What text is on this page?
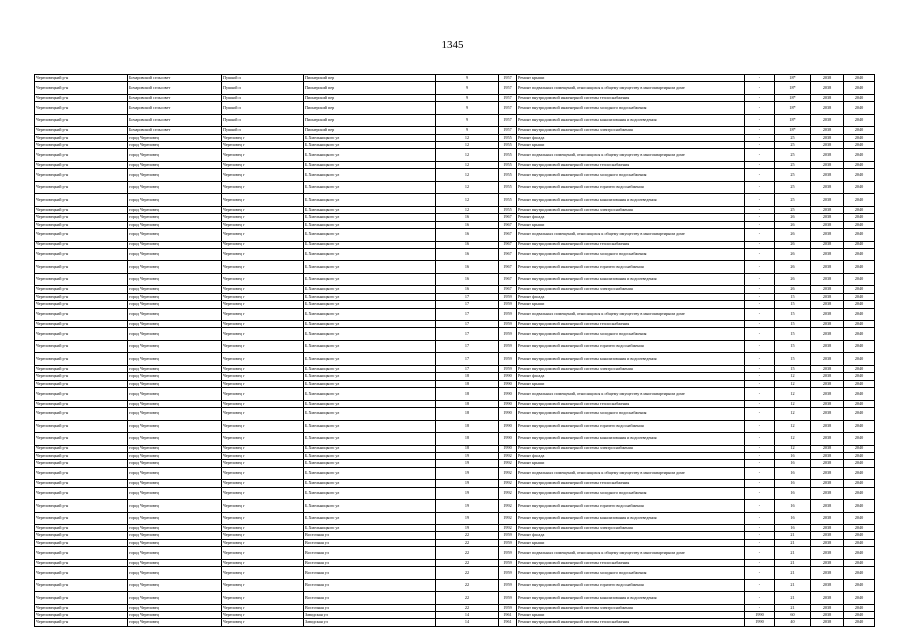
1345
Череповецкий р-н	Бочаровский сельсовет	Пушкой п	Пионерский пер	9	1957	Ремонт крыши	-	18*	2038	2040
Череповецкий р-н	Бочаровский сельсовет	Пушкой п	Пионерский пер	9	1957	Ремонт подвальных помещений, относящихся к общему имуществу в многоквартирном доме	-	18*	2038	2040
Череповецкий р-н	Бочаровский сельсовет	Пушкой п	Пионерский пер	9	1957	Ремонт внутридомовой инженерной системы теплоснабжения	-	18*	2038	2040
Череповецкий р-н	Бочаровский сельсовет	Пушкой п	Пионерский пер	9	1957	Ремонт внутридомовой инженерной системы холодного водоснабжения	-	18*	2038	2040
Череповецкий р-н	Бочаровский сельсовет	Пушкой п	Пионерский пер	9	1957	Ремонт внутридомовой инженерной системы канализования и водоотведения	-	18*	2038	2040
Череповецкий р-н	Бочаровский сельсовет	Пушкой п	Пионерский пер	9	1957	Ремонт внутридомовой инженерной системы электроснабжения	-	18*	2038	2040
Череповецкий р-н	город Череповец	Череповец г	Б.Хмельницкого ул	12	1955	Ремонт фасада	-	25	2038	2040
Череповецкий р-н	город Череповец	Череповец г	Б.Хмельницкого ул	12	1955	Ремонт крыши	-	25	2038	2040
Череповецкий р-н	город Череповец	Череповец г	Б.Хмельницкого ул	12	1955	Ремонт подвальных помещений, относящихся к общему имуществу в многоквартирном доме	-	25	2038	2040
Череповецкий р-н	город Череповец	Череповец г	Б.Хмельницкого ул	12	1955	Ремонт внутридомовой инженерной системы теплоснабжения	-	25	2038	2040
Череповецкий р-н	город Череповец	Череповец г	Б.Хмельницкого ул	12	1955	Ремонт внутридомовой инженерной системы холодного водоснабжения	-	25	2038	2040
Череповецкий р-н	город Череповец	Череповец г	Б.Хмельницкого ул	12	1955	Ремонт внутридомовой инженерной системы горячего водоснабжения	-	25	2038	2040
Череповецкий р-н	город Череповец	Череповец г	Б.Хмельницкого ул	12	1955	Ремонт внутридомовой инженерной системы канализования и водоотведения	-	25	2038	2040
Череповецкий р-н	город Череповец	Череповец г	Б.Хмельницкого ул	12	1955	Ремонт внутридомовой инженерной системы электроснабжения	-	25	2038	2040
Череповецкий р-н	город Череповец	Череповец г	Б.Хмельницкого ул	16	1967	Ремонт фасада	-	26	2038	2040
Череповецкий р-н	город Череповец	Череповец г	Б.Хмельницкого ул	16	1967	Ремонт крыши	-	26	2038	2040
Череповецкий р-н	город Череповец	Череповец г	Б.Хмельницкого ул	16	1967	Ремонт подвальных помещений, относящихся к общему имуществу в многоквартирном доме	-	26	2038	2040
Череповецкий р-н	город Череповец	Череповец г	Б.Хмельницкого ул	16	1967	Ремонт внутридомовой инженерной системы теплоснабжения	-	26	2038	2040
Череповецкий р-н	город Череповец	Череповец г	Б.Хмельницкого ул	16	1967	Ремонт внутридомовой инженерной системы холодного водоснабжения	-	26	2038	2040
Череповецкий р-н	город Череповец	Череповец г	Б.Хмельницкого ул	16	1967	Ремонт внутридомовой инженерной системы горячего водоснабжения	-	26	2038	2040
Череповецкий р-н	город Череповец	Череповец г	Б.Хмельницкого ул	16	1967	Ремонт внутридомовой инженерной системы канализования и водоотведения	-	26	2038	2040
Череповецкий р-н	город Череповец	Череповец г	Б.Хмельницкого ул	16	1967	Ремонт внутридомовой инженерной системы электроснабжения	-	26	2038	2040
Череповецкий р-н	город Череповец	Череповец г	Б.Хмельницкого ул	17	1959	Ремонт фасада	-	15	2038	2040
Череповецкий р-н	город Череповец	Череповец г	Б.Хмельницкого ул	17	1959	Ремонт крыши	-	15	2038	2040
Череповецкий р-н	город Череповец	Череповец г	Б.Хмельницкого ул	17	1959	Ремонт подвальных помещений, относящихся к общему имуществу в многоквартирном доме	-	15	2038	2040
Череповецкий р-н	город Череповец	Череповец г	Б.Хмельницкого ул	17	1959	Ремонт внутридомовой инженерной системы теплоснабжения	-	15	2038	2040
Череповецкий р-н	город Череповец	Череповец г	Б.Хмельницкого ул	17	1959	Ремонт внутридомовой инженерной системы холодного водоснабжения	-	15	2038	2040
Череповецкий р-н	город Череповец	Череповец г	Б.Хмельницкого ул	17	1959	Ремонт внутридомовой инженерной системы горячего водоснабжения	-	15	2038	2040
Череповецкий р-н	город Череповец	Череповец г	Б.Хмельницкого ул	17	1959	Ремонт внутридомовой инженерной системы канализования и водоотведения	-	15	2038	2040
Череповецкий р-н	город Череповец	Череповец г	Б.Хмельницкого ул	17	1959	Ремонт внутридомовой инженерной системы электроснабжения	-	15	2038	2040
Череповецкий р-н	город Череповец	Череповец г	Б.Хмельницкого ул	18	1990	Ремонт фасада	-	12	2038	2040
Череповецкий р-н	город Череповец	Череповец г	Б.Хмельницкого ул	18	1990	Ремонт крыши	-	12	2038	2040
Череповецкий р-н	город Череповец	Череповец г	Б.Хмельницкого ул	18	1990	Ремонт подвальных помещений, относящихся к общему имуществу в многоквартирном доме	-	12	2038	2040
Череповецкий р-н	город Череповец	Череповец г	Б.Хмельницкого ул	18	1990	Ремонт внутридомовой инженерной системы теплоснабжения	-	12	2038	2040
Череповецкий р-н	город Череповец	Череповец г	Б.Хмельницкого ул	18	1990	Ремонт внутридомовой инженерной системы холодного водоснабжения	-	12	2038	2040
Череповецкий р-н	город Череповец	Череповец г	Б.Хмельницкого ул	18	1990	Ремонт внутридомовой инженерной системы горячего водоснабжения	-	12	2038	2040
Череповецкий р-н	город Череповец	Череповец г	Б.Хмельницкого ул	18	1990	Ремонт внутридомовой инженерной системы канализования и водоотведения	-	12	2038	2040
Череповецкий р-н	город Череповец	Череповец г	Б.Хмельницкого ул	18	1990	Ремонт внутридомовой инженерной системы электроснабжения	-	12	2038	2040
Череповецкий р-н	город Череповец	Череповец г	Б.Хмельницкого ул	19	1992	Ремонт фасада	-	16	2038	2040
Череповецкий р-н	город Череповец	Череповец г	Б.Хмельницкого ул	19	1992	Ремонт крыши	-	16	2038	2040
Череповецкий р-н	город Череповец	Череповец г	Б.Хмельницкого ул	19	1992	Ремонт подвальных помещений, относящихся к общему имуществу в многоквартирном доме	-	16	2038	2040
Череповецкий р-н	город Череповец	Череповец г	Б.Хмельницкого ул	19	1992	Ремонт внутридомовой инженерной системы теплоснабжения	-	16	2038	2040
Череповецкий р-н	город Череповец	Череповец г	Б.Хмельницкого ул	19	1992	Ремонт внутридомовой инженерной системы холодного водоснабжения	-	16	2038	2040
Череповецкий р-н	город Череповец	Череповец г	Б.Хмельницкого ул	19	1992	Ремонт внутридомовой инженерной системы горячего водоснабжения	-	16	2038	2040
Череповецкий р-н	город Череповец	Череповец г	Б.Хмельницкого ул	19	1992	Ремонт внутридомовой инженерной системы канализования и водоотведения	-	16	2038	2040
Череповецкий р-н	город Череповец	Череповец г	Б.Хмельницкого ул	19	1992	Ремонт внутридомовой инженерной системы электроснабжения	-	16	2038	2040
Череповецкий р-н	город Череповец	Череповец г	Восточная ул	22	1959	Ремонт фасада	-	21	2038	2040
Череповецкий р-н	город Череповец	Череповец г	Восточная ул	22	1959	Ремонт крыши	-	21	2038	2040
Череповецкий р-н	город Череповец	Череповец г	Восточная ул	22	1959	Ремонт подвальных помещений, относящихся к общему имуществу в многоквартирном доме	-	21	2038	2040
Череповецкий р-н	город Череповец	Череповец г	Восточная ул	22	1959	Ремонт внутридомовой инженерной системы теплоснабжения	-	21	2038	2040
Череповецкий р-н	город Череповец	Череповец г	Восточная ул	22	1959	Ремонт внутридомовой инженерной системы холодного водоснабжения	-	21	2038	2040
Череповецкий р-н	город Череповец	Череповец г	Восточная ул	22	1959	Ремонт внутридомовой инженерной системы горячего водоснабжения	-	21	2038	2040
Череповецкий р-н	город Череповец	Череповец г	Восточная ул	22	1959	Ремонт внутридомовой инженерной системы канализования и водоотведения	-	21	2038	2040
Череповецкий р-н	город Череповец	Череповец г	Восточная ул	22	1959	Ремонт внутридомовой инженерной системы электроснабжения	-	21	2038	2040
Череповецкий р-н	город Череповец	Череповец г	Заводская ул	14	1961	Ремонт крыши	1990	60	2038	2040
Череповецкий р-н	город Череповец	Череповец г	Заводская ул	14	1961	Ремонт внутридомовой инженерной системы теплоснабжения	1990	40	2038	2040
